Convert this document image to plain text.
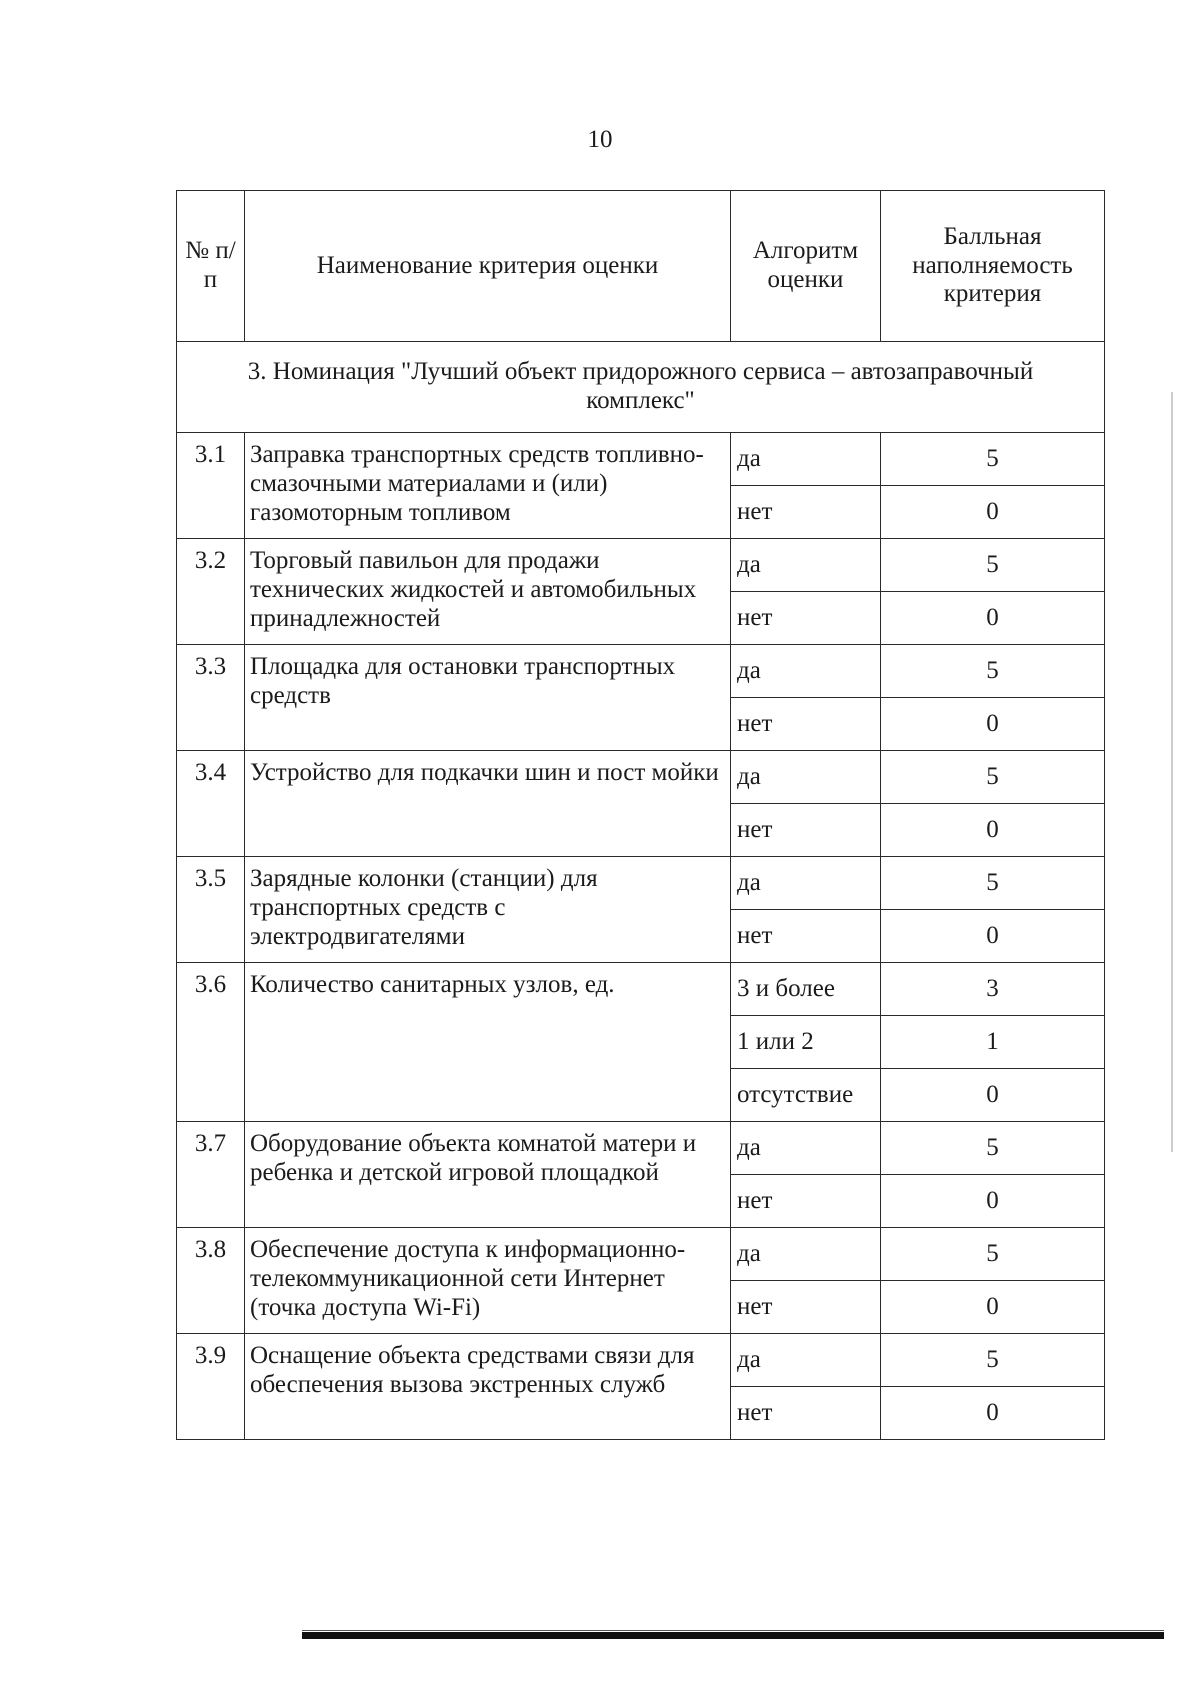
10
№ п/п	Наименование критерия оценки	Алгоритм оценки	Балльная наполняемость критерия
3. Номинация "Лучший объект придорожного сервиса – автозаправочный комплекс"			
3.1	Заправка транспортных средств топливно-смазочными материалами и (или) газомоторным топливом	да	5
		нет	0
3.2	Торговый павильон для продажи технических жидкостей и автомобильных принадлежностей	да	5
		нет	0
3.3	Площадка для остановки транспортных средств	да	5
		нет	0
3.4	Устройство для подкачки шин и пост мойки	да	5
		нет	0
3.5	Зарядные колонки (станции) для транспортных средств с электродвигателями	да	5
		нет	0
3.6	Количество санитарных узлов, ед.	3 и более	3
		1 или 2	1
		отсутствие	0
3.7	Оборудование объекта комнатой матери и ребенка и детской игровой площадкой	да	5
		нет	0
3.8	Обеспечение доступа к информационно-телекоммуникационной сети Интернет (точка доступа Wi-Fi)	да	5
		нет	0
3.9	Оснащение объекта средствами связи для обеспечения вызова экстренных служб	да	5
		нет	0
